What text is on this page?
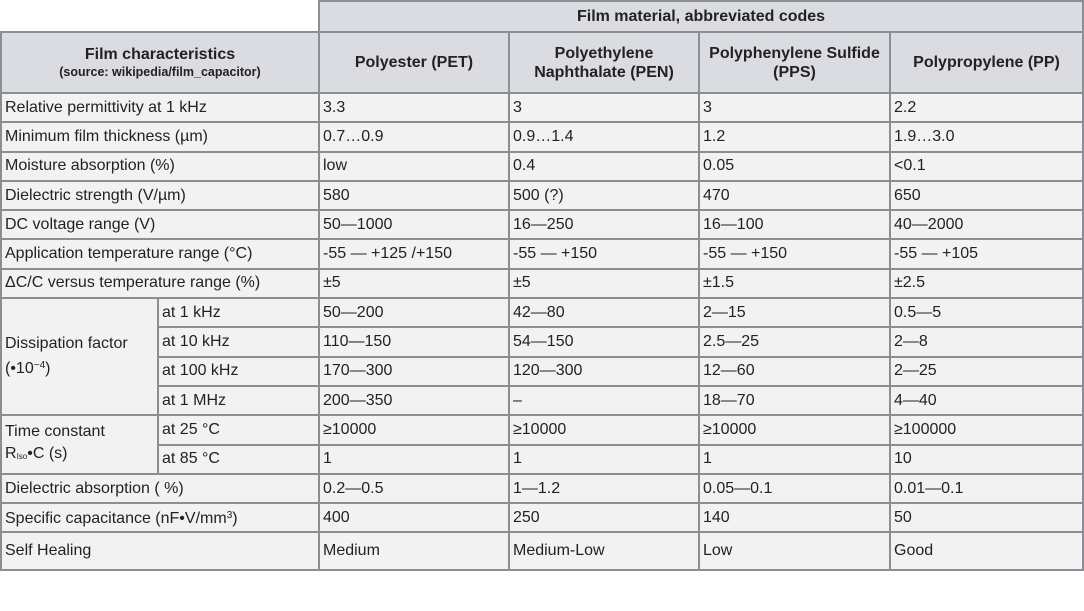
		Film material, abbreviated codes			
Film characteristics
(source: wikipedia/film_capacitor)		Polyester (PET)	Polyethylene Naphthalate (PEN)	Polyphenylene Sulfide (PPS)	Polypropylene (PP)
Relative permittivity at 1 kHz		3.3	3	3	2.2
Minimum film thickness (µm)		0.7…0.9	0.9…1.4	1.2	1.9…3.0
Moisture absorption (%)		low	0.4	0.05	<0.1
Dielectric strength (V/µm)		580	500 (?)	470	650
DC voltage range (V)		50—1000	16—250	16—100	40—2000
Application temperature range (°C)		-55 — +125 /+150	-55 — +150	-55 — +150	-55 — +105
ΔC/C versus temperature range (%)		±5	±5	±1.5	±2.5
Dissipation factor
$(•10^{-4})$	at 1 kHz	50—200	42—80	2—15	0.5—5
	at 10 kHz	110—150	54—150	2.5—25	2—8
	at 100 kHz	170—300	120—300	12—60	2—25
	at 1 MHz	200—350	–	18—70	4—40
Time constant
$R_{Iso}•C$ (s)	at 25 °C	≥10000	≥10000	≥10000	≥100000
	at 85 °C	1	1	1	10
Dielectric absorption ( %)		0.2—0.5	1—1.2	0.05—0.1	0.01—0.1
Specific capacitance $(nF•V/mm^3)$		400	250	140	50
Self Healing		Medium	Medium-Low	Low	Good
